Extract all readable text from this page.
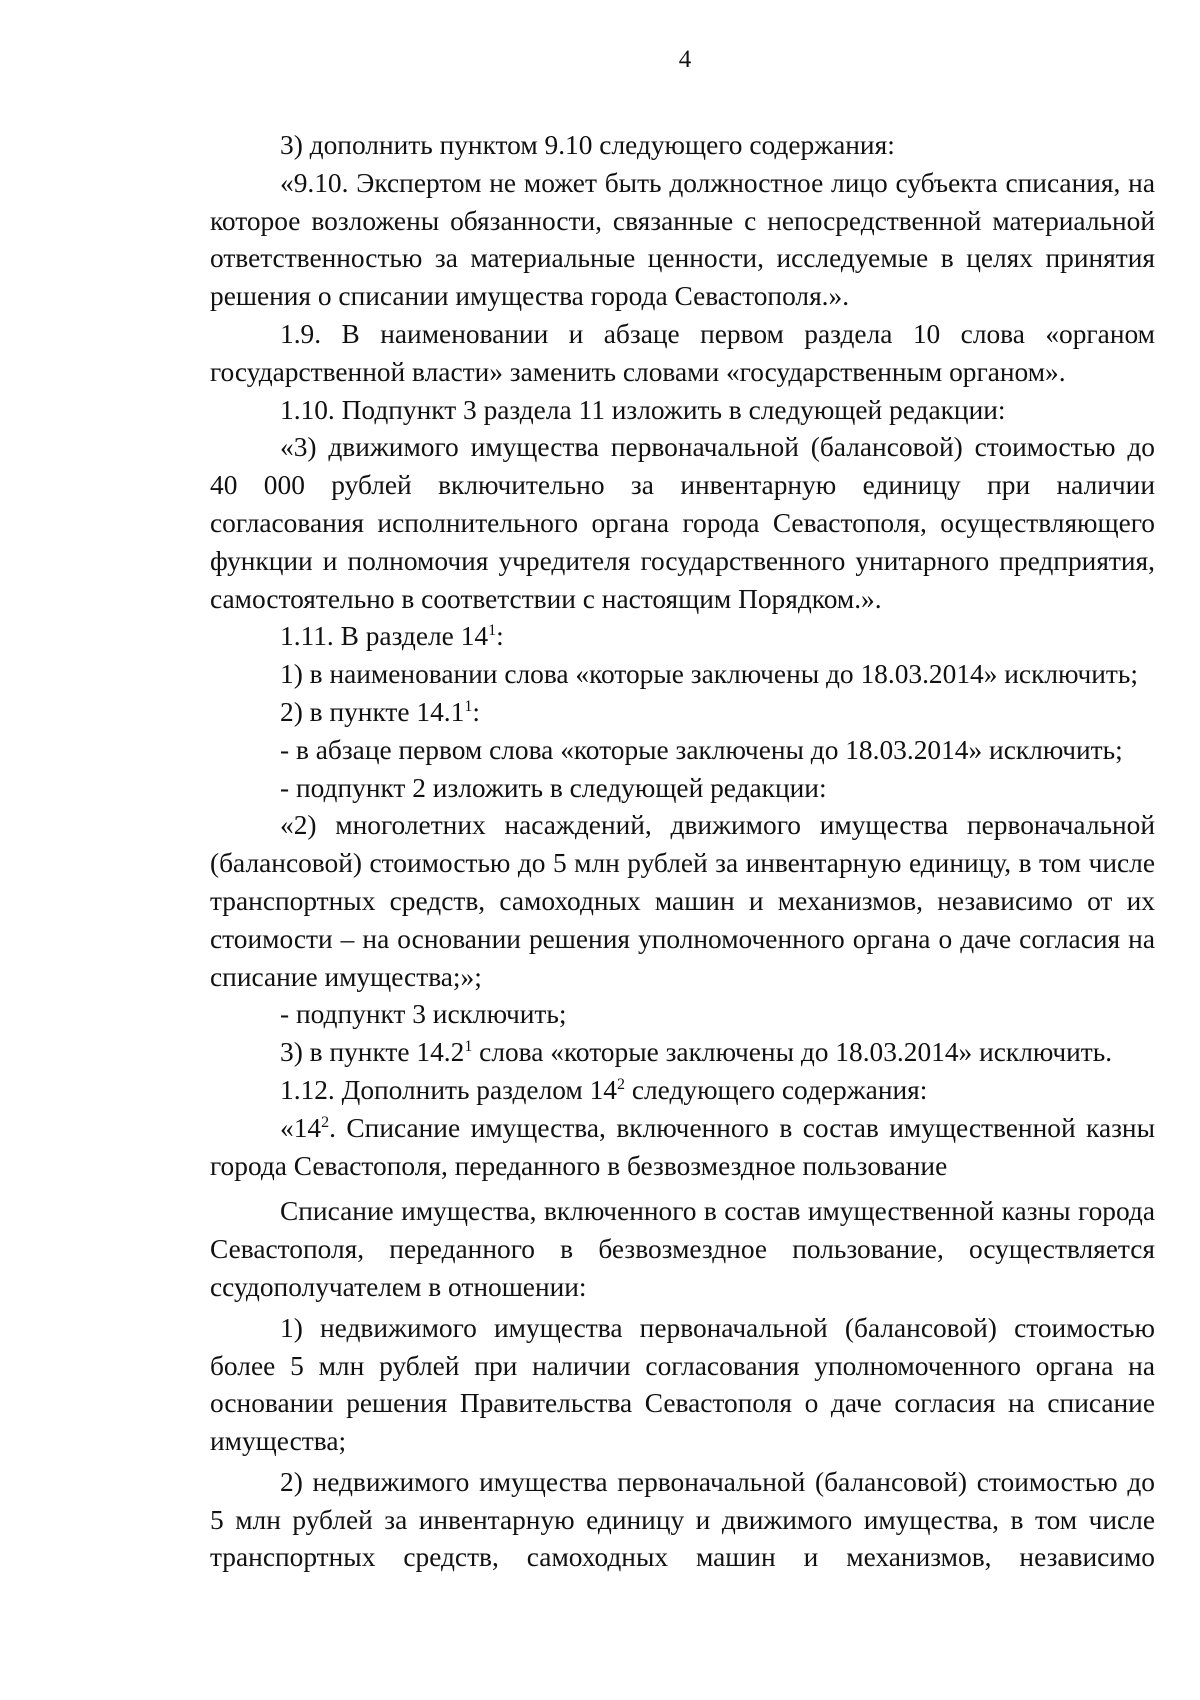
4

3) дополнить пунктом 9.10 следующего содержания:

«9.10. Экспертом не может быть должностное лицо субъекта списания, на которое возложены обязанности, связанные с непосредственной материальной ответственностью за материальные ценности, исследуемые в целях принятия решения о списании имущества города Севастополя.».

1.9. В наименовании и абзаце первом раздела 10 слова «органом государственной власти» заменить словами «государственным органом».

1.10. Подпункт 3 раздела 11 изложить в следующей редакции:

«3) движимого имущества первоначальной (балансовой) стоимостью до 40 000 рублей включительно за инвентарную единицу при наличии согласования исполнительного органа города Севастополя, осуществляющего функции и полномочия учредителя государственного унитарного предприятия, самостоятельно в соответствии с настоящим Порядком.».

1.11. В разделе $14^1$:

1) в наименовании слова «которые заключены до 18.03.2014» исключить;

2) в пункте 14.1$^1$:

- в абзаце первом слова «которые заключены до 18.03.2014» исключить;

- подпункт 2 изложить в следующей редакции:

«2) многолетних насаждений, движимого имущества первоначальной (балансовой) стоимостью до 5 млн рублей за инвентарную единицу, в том числе транспортных средств, самоходных машин и механизмов, независимо от их стоимости – на основании решения уполномоченного органа о даче согласия на списание имущества;»;

- подпункт 3 исключить;

3) в пункте 14.2$^1$ слова «которые заключены до 18.03.2014» исключить.

1.12. Дополнить разделом $14^2$ следующего содержания:

«$14^2$. Списание имущества, включенного в состав имущественной казны города Севастополя, переданного в безвозмездное пользование

Списание имущества, включенного в состав имущественной казны города Севастополя, переданного в безвозмездное пользование, осуществляется ссудополучателем в отношении:

1) недвижимого имущества первоначальной (балансовой) стоимостью более 5 млн рублей при наличии согласования уполномоченного органа на основании решения Правительства Севастополя о даче согласия на списание имущества;

2) недвижимого имущества первоначальной (балансовой) стоимостью до 5 млн рублей за инвентарную единицу и движимого имущества, в том числе транспортных средств, самоходных машин и механизмов, независимо
